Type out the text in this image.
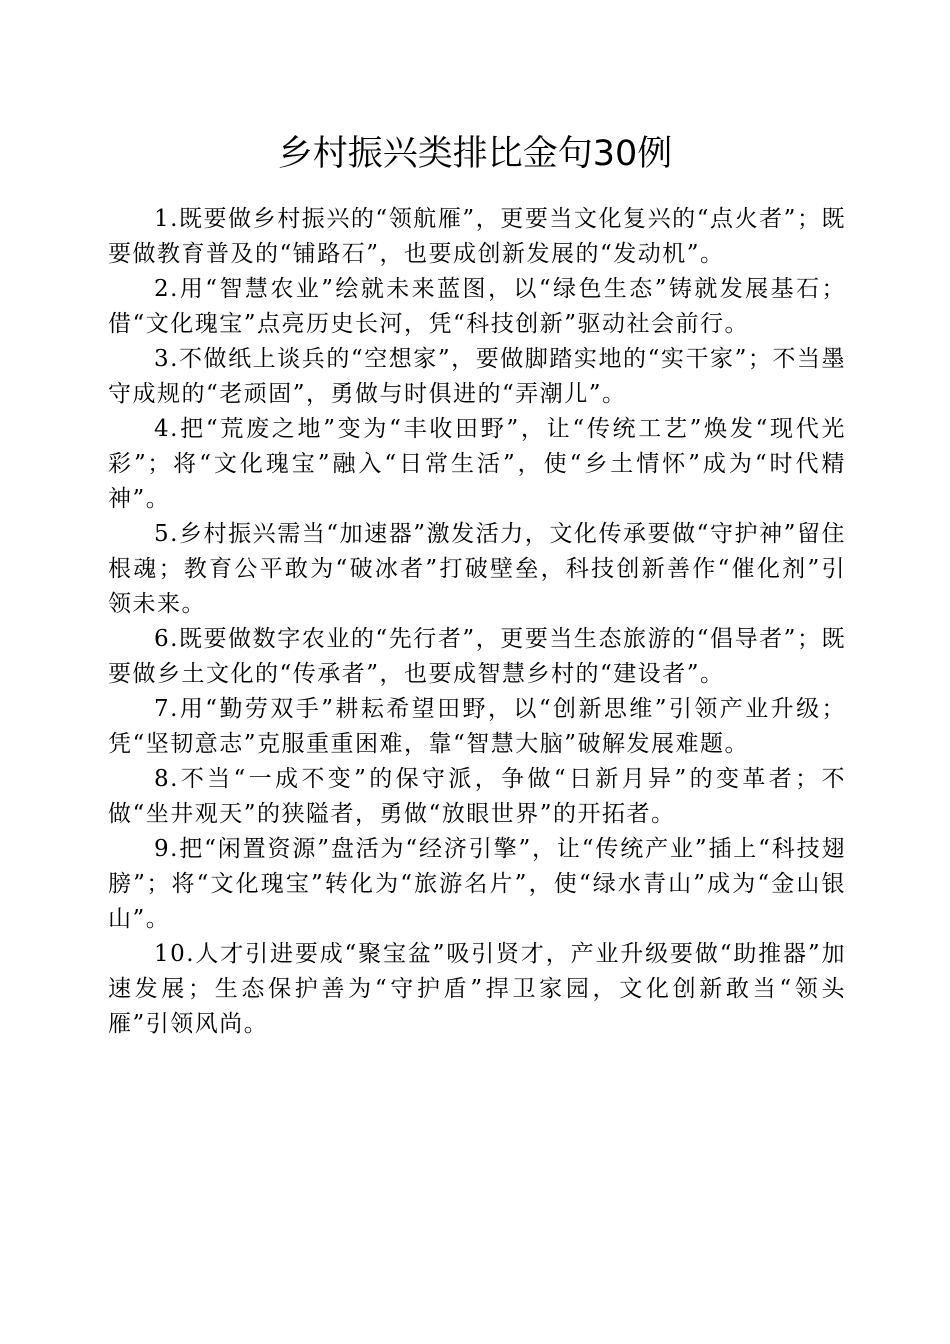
乡村振兴类排比金句30例

1.既要做乡村振兴的“领航雁”，更要当文化复兴的“点火者”；既要做教育普及的“铺路石”，也要成创新发展的“发动机”。

2.用“智慧农业”绘就未来蓝图，以“绿色生态”铸就发展基石；借“文化瑰宝”点亮历史长河，凭“科技创新”驱动社会前行。

3.不做纸上谈兵的“空想家”，要做脚踏实地的“实干家”；不当墨守成规的“老顽固”，勇做与时俱进的“弄潮儿”。

4.把“荒废之地”变为“丰收田野”，让“传统工艺”焕发“现代光彩”；将“文化瑰宝”融入“日常生活”，使“乡土情怀”成为“时代精神”。

5.乡村振兴需当“加速器”激发活力，文化传承要做“守护神”留住根魂；教育公平敢为“破冰者”打破壁垒，科技创新善作“催化剂”引领未来。

6.既要做数字农业的“先行者”，更要当生态旅游的“倡导者”；既要做乡土文化的“传承者”，也要成智慧乡村的“建设者”。

7.用“勤劳双手”耕耘希望田野，以“创新思维”引领产业升级；凭“坚韧意志”克服重重困难，靠“智慧大脑”破解发展难题。

8.不当“一成不变”的保守派，争做“日新月异”的变革者；不做“坐井观天”的狭隘者，勇做“放眼世界”的开拓者。

9.把“闲置资源”盘活为“经济引擎”，让“传统产业”插上“科技翅膀”；将“文化瑰宝”转化为“旅游名片”，使“绿水青山”成为“金山银山”。

10.人才引进要成“聚宝盆”吸引贤才，产业升级要做“助推器”加速发展；生态保护善为“守护盾”捍卫家园，文化创新敢当“领头雁”引领风尚。
